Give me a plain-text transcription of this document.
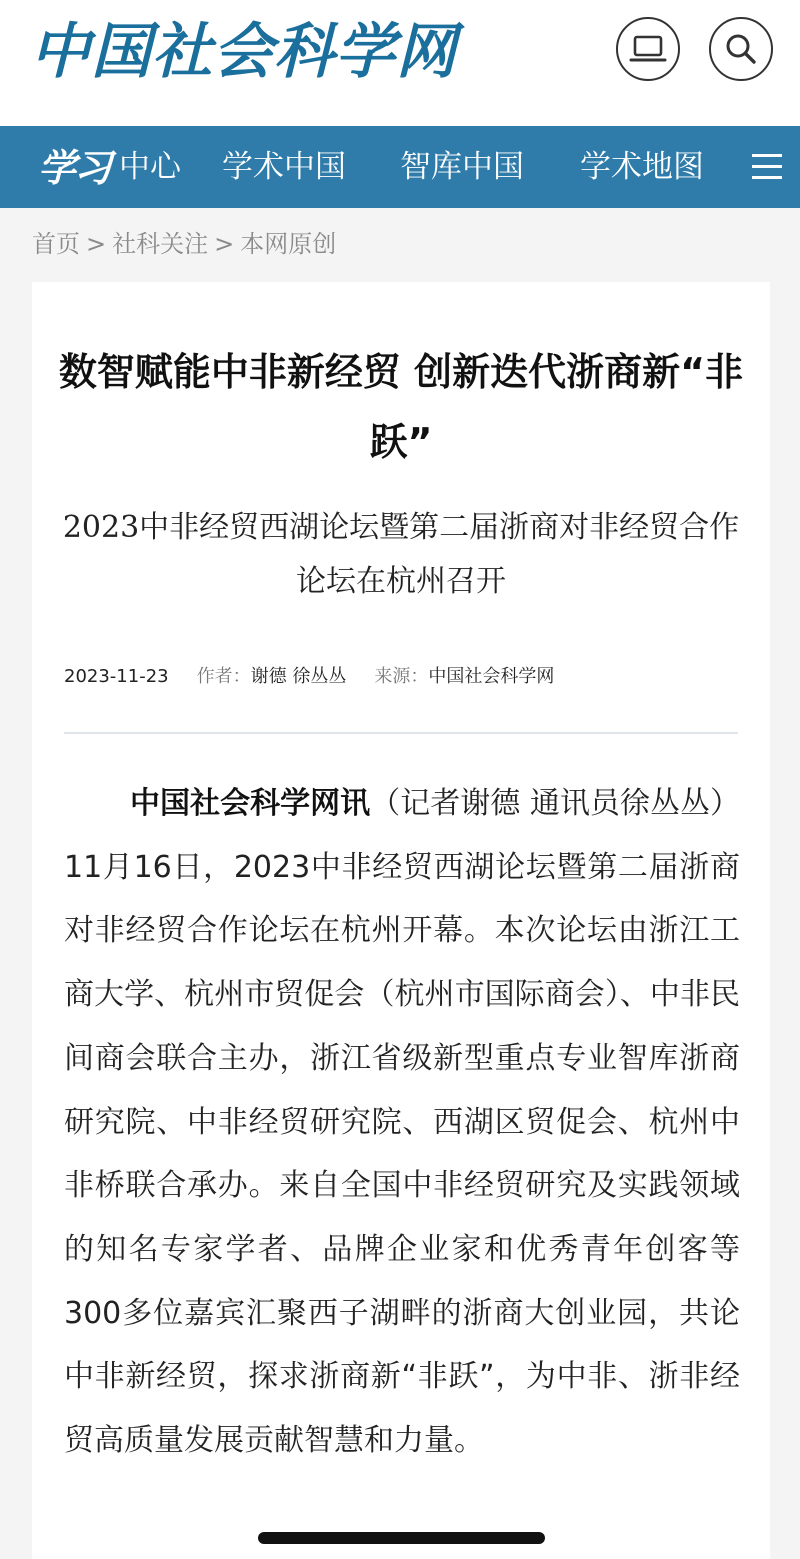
中国社会科学网
学习 中心 学术中国 智库中国 学术地图
首页 > 社科关注 > 本网原创
数智赋能中非新经贸 创新迭代浙商新“非跃”
2023中非经贸西湖论坛暨第二届浙商对非经贸合作论坛在杭州召开
2023-11-23 作者：谢德 徐丛丛 来源：中国社会科学网

中国社会科学网讯（记者谢德 通讯员徐丛丛）11月16日，2023中非经贸西湖论坛暨第二届浙商对非经贸合作论坛在杭州开幕。本次论坛由浙江工商大学、杭州市贸促会（杭州市国际商会）、中非民间商会联合主办，浙江省级新型重点专业智库浙商研究院、中非经贸研究院、西湖区贸促会、杭州中非桥联合承办。来自全国中非经贸研究及实践领域的知名专家学者、品牌企业家和优秀青年创客等300多位嘉宾汇聚西子湖畔的浙商大创业园，共论中非新经贸，探求浙商新“非跃”，为中非、浙非经贸高质量发展贡献智慧和力量。
